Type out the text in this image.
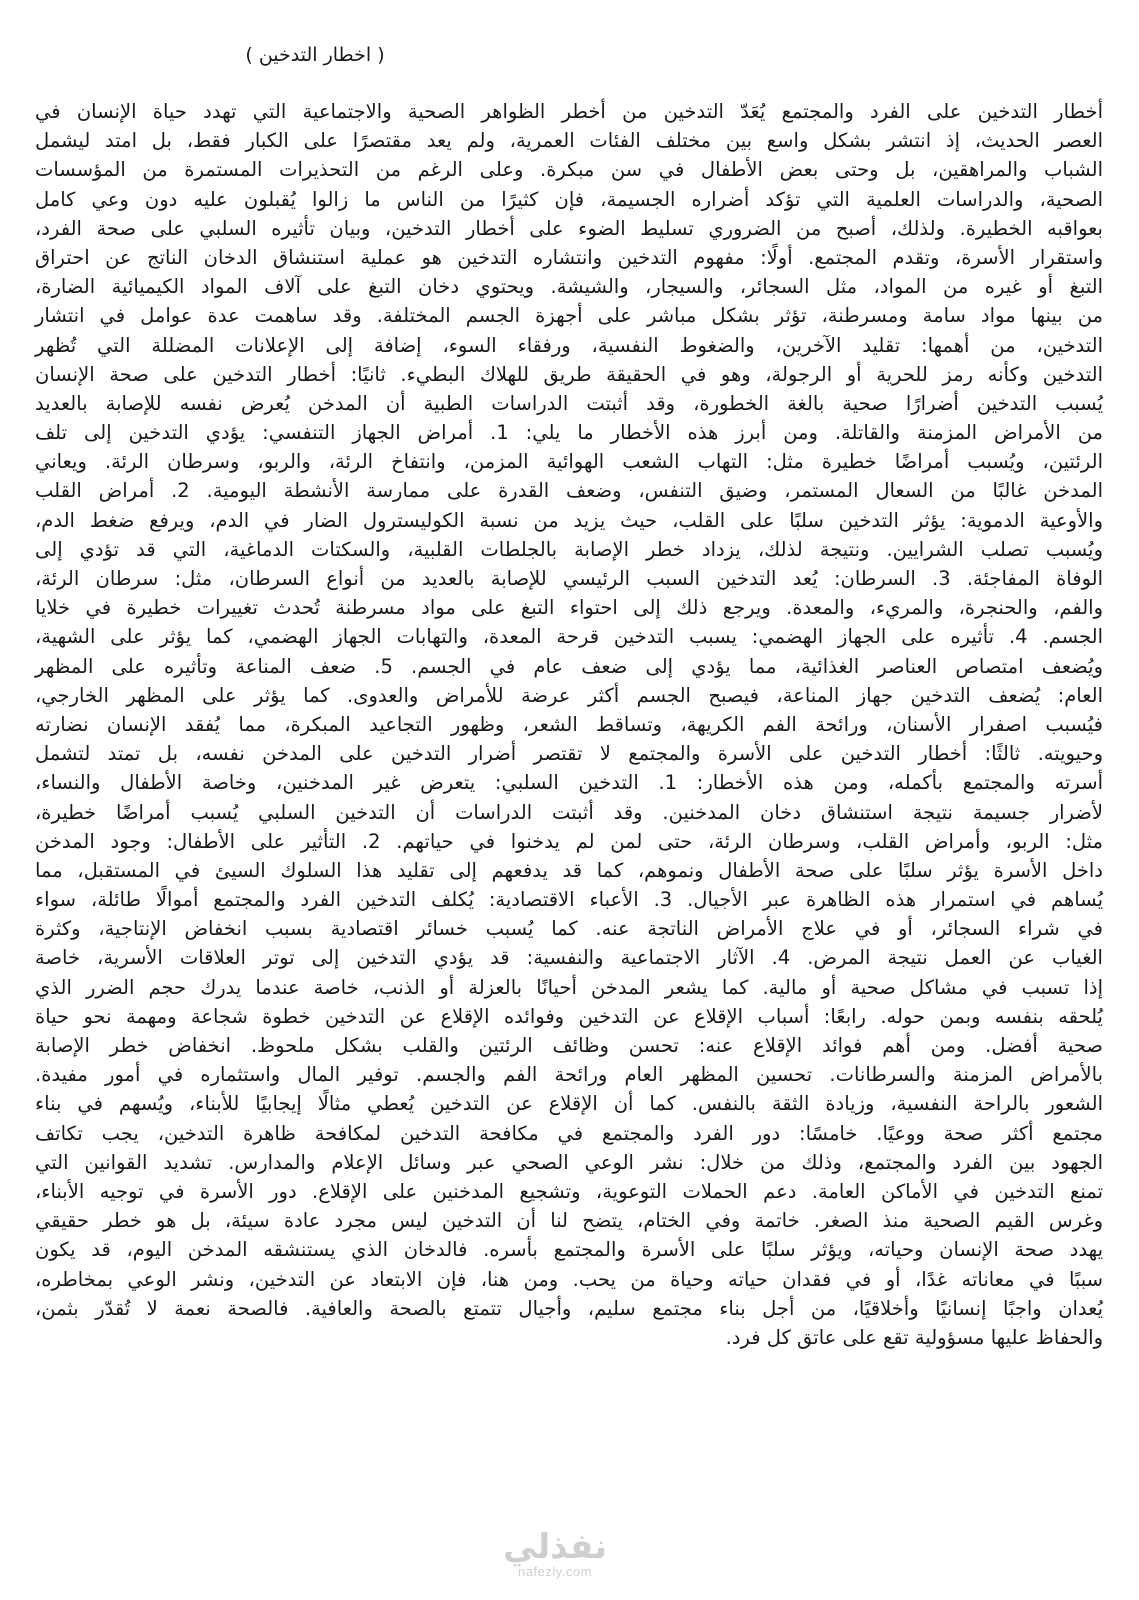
( اخطار التدخين )
أخطار التدخين على الفرد والمجتمع يُعَدّ التدخين من أخطر الظواهر الصحية والاجتماعية التي تهدد حياة الإنسان في
العصر الحديث، إذ انتشر بشكل واسع بين مختلف الفئات العمرية، ولم يعد مقتصرًا على الكبار فقط، بل امتد ليشمل
الشباب والمراهقين، بل وحتى بعض الأطفال في سن مبكرة. وعلى الرغم من التحذيرات المستمرة من المؤسسات
الصحية، والدراسات العلمية التي تؤكد أضراره الجسيمة، فإن كثيرًا من الناس ما زالوا يُقبلون عليه دون وعي كامل
بعواقبه الخطيرة. ولذلك، أصبح من الضروري تسليط الضوء على أخطار التدخين، وبيان تأثيره السلبي على صحة الفرد،
واستقرار الأسرة، وتقدم المجتمع. أولًا: مفهوم التدخين وانتشاره التدخين هو عملية استنشاق الدخان الناتج عن احتراق
التبغ أو غيره من المواد، مثل السجائر، والسيجار، والشيشة. ويحتوي دخان التبغ على آلاف المواد الكيميائية الضارة،
من بينها مواد سامة ومسرطنة، تؤثر بشكل مباشر على أجهزة الجسم المختلفة. وقد ساهمت عدة عوامل في انتشار
التدخين، من أهمها: تقليد الآخرين، والضغوط النفسية، ورفقاء السوء، إضافة إلى الإعلانات المضللة التي تُظهر
التدخين وكأنه رمز للحرية أو الرجولة، وهو في الحقيقة طريق للهلاك البطيء. ثانيًا: أخطار التدخين على صحة الإنسان
يُسبب التدخين أضرارًا صحية بالغة الخطورة، وقد أثبتت الدراسات الطبية أن المدخن يُعرض نفسه للإصابة بالعديد
من الأمراض المزمنة والقاتلة. ومن أبرز هذه الأخطار ما يلي: 1. أمراض الجهاز التنفسي: يؤدي التدخين إلى تلف
الرئتين، ويُسبب أمراضًا خطيرة مثل: التهاب الشعب الهوائية المزمن، وانتفاخ الرئة، والربو، وسرطان الرئة. ويعاني
المدخن غالبًا من السعال المستمر، وضيق التنفس، وضعف القدرة على ممارسة الأنشطة اليومية. 2. أمراض القلب
والأوعية الدموية: يؤثر التدخين سلبًا على القلب، حيث يزيد من نسبة الكوليسترول الضار في الدم، ويرفع ضغط الدم،
ويُسبب تصلب الشرايين. ونتيجة لذلك، يزداد خطر الإصابة بالجلطات القلبية، والسكتات الدماغية، التي قد تؤدي إلى
الوفاة المفاجئة. 3. السرطان: يُعد التدخين السبب الرئيسي للإصابة بالعديد من أنواع السرطان، مثل: سرطان الرئة،
والفم، والحنجرة، والمريء، والمعدة. ويرجع ذلك إلى احتواء التبغ على مواد مسرطنة تُحدث تغييرات خطيرة في خلايا
الجسم. 4. تأثيره على الجهاز الهضمي: يسبب التدخين قرحة المعدة، والتهابات الجهاز الهضمي، كما يؤثر على الشهية،
ويُضعف امتصاص العناصر الغذائية، مما يؤدي إلى ضعف عام في الجسم. 5. ضعف المناعة وتأثيره على المظهر
العام: يُضعف التدخين جهاز المناعة، فيصبح الجسم أكثر عرضة للأمراض والعدوى. كما يؤثر على المظهر الخارجي،
فيُسبب اصفرار الأسنان، ورائحة الفم الكريهة، وتساقط الشعر، وظهور التجاعيد المبكرة، مما يُفقد الإنسان نضارته
وحيويته. ثالثًا: أخطار التدخين على الأسرة والمجتمع لا تقتصر أضرار التدخين على المدخن نفسه، بل تمتد لتشمل
أسرته والمجتمع بأكمله، ومن هذه الأخطار: 1. التدخين السلبي: يتعرض غير المدخنين، وخاصة الأطفال والنساء،
لأضرار جسيمة نتيجة استنشاق دخان المدخنين. وقد أثبتت الدراسات أن التدخين السلبي يُسبب أمراضًا خطيرة،
مثل: الربو، وأمراض القلب، وسرطان الرئة، حتى لمن لم يدخنوا في حياتهم. 2. التأثير على الأطفال: وجود المدخن
داخل الأسرة يؤثر سلبًا على صحة الأطفال ونموهم، كما قد يدفعهم إلى تقليد هذا السلوك السيئ في المستقبل، مما
يُساهم في استمرار هذه الظاهرة عبر الأجيال. 3. الأعباء الاقتصادية: يُكلف التدخين الفرد والمجتمع أموالًا طائلة، سواء
في شراء السجائر، أو في علاج الأمراض الناتجة عنه. كما يُسبب خسائر اقتصادية بسبب انخفاض الإنتاجية، وكثرة
الغياب عن العمل نتيجة المرض. 4. الآثار الاجتماعية والنفسية: قد يؤدي التدخين إلى توتر العلاقات الأسرية، خاصة
إذا تسبب في مشاكل صحية أو مالية. كما يشعر المدخن أحيانًا بالعزلة أو الذنب، خاصة عندما يدرك حجم الضرر الذي
يُلحقه بنفسه وبمن حوله. رابعًا: أسباب الإقلاع عن التدخين وفوائده الإقلاع عن التدخين خطوة شجاعة ومهمة نحو حياة
صحية أفضل. ومن أهم فوائد الإقلاع عنه: تحسن وظائف الرئتين والقلب بشكل ملحوظ. انخفاض خطر الإصابة
بالأمراض المزمنة والسرطانات. تحسين المظهر العام ورائحة الفم والجسم. توفير المال واستثماره في أمور مفيدة.
الشعور بالراحة النفسية، وزيادة الثقة بالنفس. كما أن الإقلاع عن التدخين يُعطي مثالًا إيجابيًا للأبناء، ويُسهم في بناء
مجتمع أكثر صحة ووعيًا. خامسًا: دور الفرد والمجتمع في مكافحة التدخين لمكافحة ظاهرة التدخين، يجب تكاتف
الجهود بين الفرد والمجتمع، وذلك من خلال: نشر الوعي الصحي عبر وسائل الإعلام والمدارس. تشديد القوانين التي
تمنع التدخين في الأماكن العامة. دعم الحملات التوعوية، وتشجيع المدخنين على الإقلاع. دور الأسرة في توجيه الأبناء،
وغرس القيم الصحية منذ الصغر. خاتمة وفي الختام، يتضح لنا أن التدخين ليس مجرد عادة سيئة، بل هو خطر حقيقي
يهدد صحة الإنسان وحياته، ويؤثر سلبًا على الأسرة والمجتمع بأسره. فالدخان الذي يستنشقه المدخن اليوم، قد يكون
سببًا في معاناته غدًا، أو في فقدان حياته وحياة من يحب. ومن هنا، فإن الابتعاد عن التدخين، ونشر الوعي بمخاطره،
يُعدان واجبًا إنسانيًا وأخلاقيًا، من أجل بناء مجتمع سليم، وأجيال تتمتع بالصحة والعافية. فالصحة نعمة لا تُقدّر بثمن،
والحفاظ عليها مسؤولية تقع على عاتق كل فرد.
نفذلي
nafezly.com
